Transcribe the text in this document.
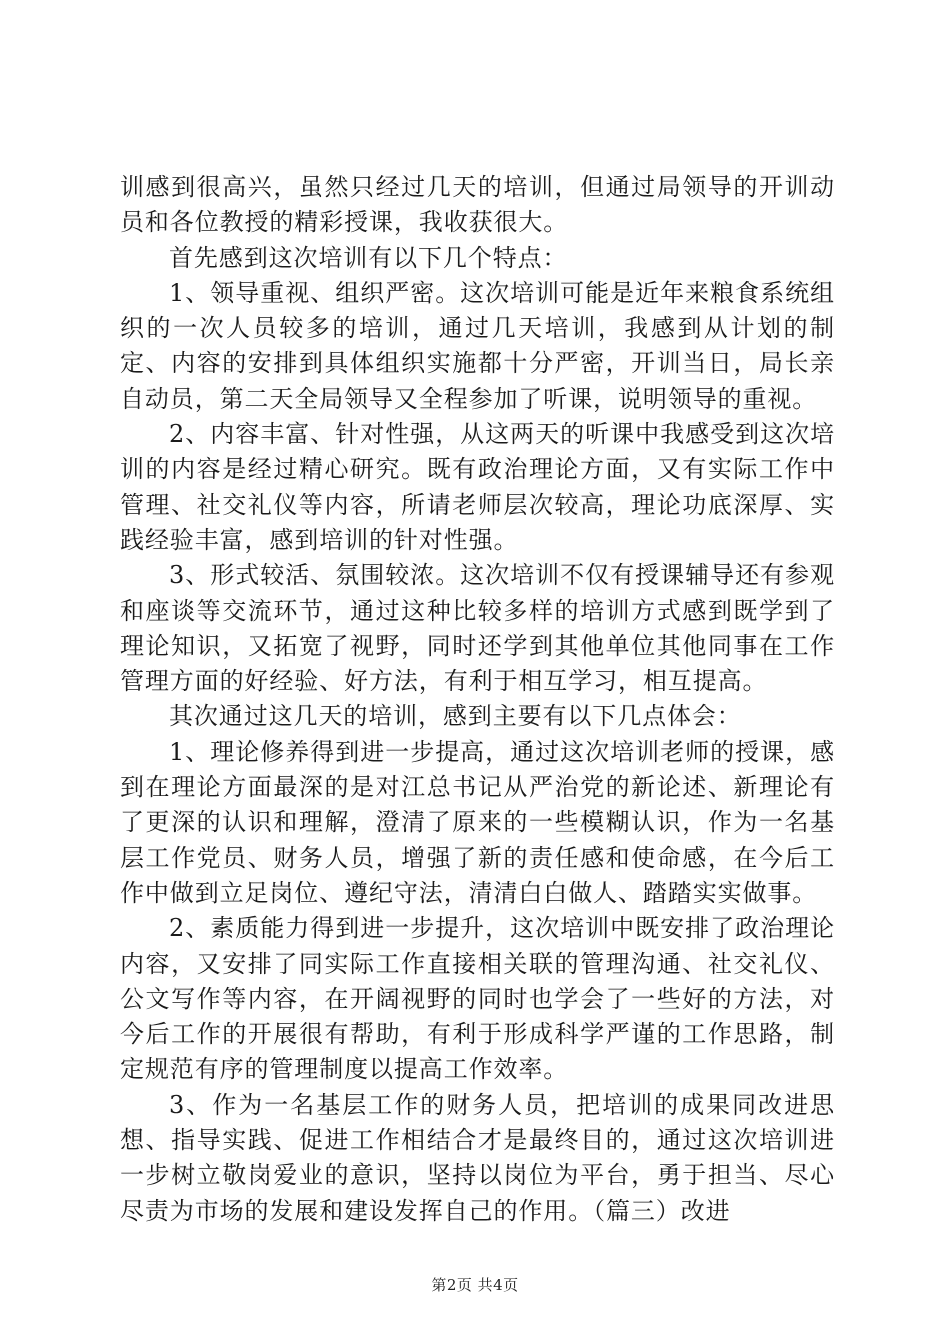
训感到很高兴，虽然只经过几天的培训，但通过局领导的开训动员和各位教授的精彩授课，我收获很大。

首先感到这次培训有以下几个特点：

1、领导重视、组织严密。这次培训可能是近年来粮食系统组织的一次人员较多的培训，通过几天培训，我感到从计划的制定、内容的安排到具体组织实施都十分严密，开训当日，局长亲自动员，第二天全局领导又全程参加了听课，说明领导的重视。

2、内容丰富、针对性强，从这两天的听课中我感受到这次培训的内容是经过精心研究。既有政治理论方面，又有实际工作中管理、社交礼仪等内容，所请老师层次较高，理论功底深厚、实践经验丰富，感到培训的针对性强。

3、形式较活、氛围较浓。这次培训不仅有授课辅导还有参观和座谈等交流环节，通过这种比较多样的培训方式感到既学到了理论知识，又拓宽了视野，同时还学到其他单位其他同事在工作管理方面的好经验、好方法，有利于相互学习，相互提高。

其次通过这几天的培训，感到主要有以下几点体会：

1、理论修养得到进一步提高，通过这次培训老师的授课，感到在理论方面最深的是对江总书记从严治党的新论述、新理论有了更深的认识和理解，澄清了原来的一些模糊认识，作为一名基层工作党员、财务人员，增强了新的责任感和使命感，在今后工作中做到立足岗位、遵纪守法，清清白白做人、踏踏实实做事。

2、素质能力得到进一步提升，这次培训中既安排了政治理论内容，又安排了同实际工作直接相关联的管理沟通、社交礼仪、公文写作等内容，在开阔视野的同时也学会了一些好的方法，对今后工作的开展很有帮助，有利于形成科学严谨的工作思路，制定规范有序的管理制度以提高工作效率。

3、作为一名基层工作的财务人员，把培训的成果同改进思想、指导实践、促进工作相结合才是最终目的，通过这次培训进一步树立敬岗爱业的意识，坚持以岗位为平台，勇于担当、尽心尽责为市场的发展和建设发挥自己的作用。（篇三）改进

第2页 共4页
